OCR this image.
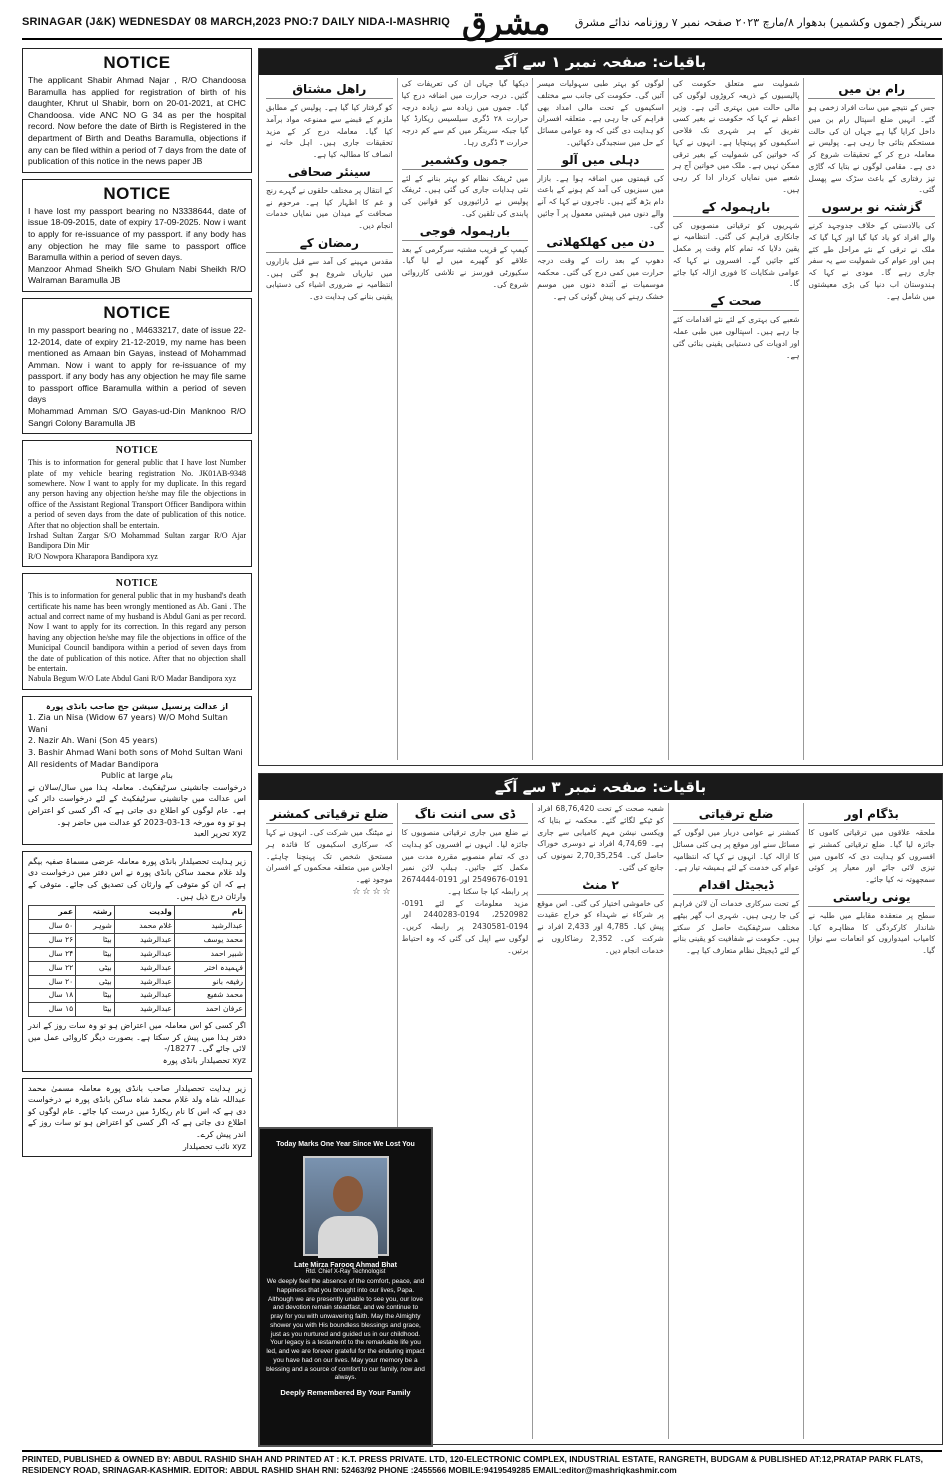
SRINAGAR (J&K) WEDNESDAY 08 MARCH,2023 PNO:7 DAILY NIDA-I-MASHRIQ مشرق سرینگر (جموں وکشمیر) بدھوار ۸/مارچ ۲۰۲۳ صفحہ نمبر ۷ روزنامہ ندائے مشرق
NOTICE

The applicant Shabir Ahmad Najar , R/O Chandoosa Baramulla has applied for registration of birth of his daughter, Khrut ul Shabir, born on 20-01-2021, at CHC Chandoosa. vide ANC NO G 34 as per the hospital record. Now before the date of Birth is Registered in the department of Birth and Deaths Baramulla, objections if any can be filed within a period of 7 days from the date of publication of this notice in the news paper JB

NOTICE

I have lost my passport bearing no N3338644, date of issue 18-09-2015, date of expiry 17-09-2025. Now i want to apply for re-issuance of my passport. if any body has any objection he may file same to passport office Baramulla within a period of seven days.

Manzoor Ahmad Sheikh S/O Ghulam Nabi Sheikh R/O Walraman Baramulla JB

NOTICE

In my passport bearing no , M4633217, date of issue 22-12-2014, date of expiry 21-12-2019, my name has been mentioned as Amaan bin Gayas, instead of Mohammad Amman. Now i want to apply for re-issuance of my passport. if any body has any objection he may file same to passport office Baramulla within a period of seven days

Mohammad Amman S/O Gayas-ud-Din Manknoo R/O Sangri Colony Baramulla JB

NOTICE

This is to information for general public that I have lost Number plate of my vehicle bearing registration No. JK01AB-9348 somewhere. Now I want to apply for my duplicate. In this regard any person having any objection he/she may file the objections in office of the Assistant Regional Transport Officer Bandipora within a period of seven days from the date of publication of this notice. After that no objection shall be entertain.

Irshad Sultan Zargar S/O Mohammad Sultan zargar R/O Ajar Bandipora Din Mir
R/O Nowpora Kharapora Bandipora xyz

NOTICE

This is to information for general public that in my husband's death certificate his name has been wrongly mentioned as Ab. Gani . The actual and correct name of my husband is Abdul Gani as per record. Now I want to apply for its correction. In this regard any person having any objection he/she may file the objections in office of the Municipal Council bandipora within a period of seven days from the date of publication of this notice. After that no objection shall be entertain.

Nabula Begum W/O Late Abdul Gani R/O Madar Bandipora xyz

از عدالت پرنسپل سیشن جج صاحب بانڈی پورہ
1. Zia un Nisa (Widow 67 years) W/O Mohd Sultan Wani
2. Nazir Ah. Wani (Son 45 years)
3. Bashir Ahmad Wani both sons of Mohd Sultan Wani All residents of Madar Bandipora
بنام Public at large
درخواست جانشینی سرٹیفکیٹ۔ معاملہ ہذا میں سال/سالان نے اس عدالت میں جانشینی سرٹیفکیٹ کے لئے درخواست دائر کی ہے۔ عام لوگوں کو اطلاع دی جاتی ہے کہ اگر کسی کو اعتراض ہو تو وہ مورخہ 13-03-2023 کو عدالت میں حاضر ہو۔
xyz تحریر العبد
زیر ہدایت تحصیلدار بانڈی پورہ معاملہ عرضی مسماۃ صفیہ بیگم ولد غلام محمد ساکن بانڈی پورہ نے اس دفتر میں درخواست دی ہے کہ ان کو متوفی کے وارثان کی تصدیق کی جائے۔ متوفی کے وارثان درج ذیل ہیں۔
نام	ولدیت	رشتہ	عمر
عبدالرشید	غلام محمد	شوہر	۵۰ سال
محمد یوسف	عبدالرشید	بیٹا	۲۶ سال
شبیر احمد	عبدالرشید	بیٹا	۲۴ سال
فہمیدہ اختر	عبدالرشید	بیٹی	۲۲ سال
رفیقہ بانو	عبدالرشید	بیٹی	۲۰ سال
محمد شفیع	عبدالرشید	بیٹا	۱۸ سال
عرفان احمد	عبدالرشید	بیٹا	۱۵ سال
اگر کسی کو اس معاملہ میں اعتراض ہو تو وہ سات روز کے اندر دفتر ہذا میں پیش کر سکتا ہے۔ بصورت دیگر کاروائی عمل میں لائی جائے گی۔ 18277/-
xyz تحصیلدار بانڈی پورہ
زیر ہدایت تحصیلدار صاحب بانڈی پورہ معاملہ مسمیٰ محمد عبداللہ شاہ ولد غلام محمد شاہ ساکن بانڈی پورہ نے درخواست دی ہے کہ اس کا نام ریکارڈ میں درست کیا جائے۔ عام لوگوں کو اطلاع دی جاتی ہے کہ اگر کسی کو اعتراض ہو تو سات روز کے اندر پیش کرے۔
xyz نائب تحصیلدار
باقیات: صفحہ نمبر ۱ سے آگے
رام بن میں

جس کے نتیجے میں سات افراد زخمی ہو گئے۔ انہیں ضلع اسپتال رام بن میں داخل کرایا گیا ہے جہاں ان کی حالت مستحکم بتائی جا رہی ہے۔ پولیس نے معاملہ درج کر کے تحقیقات شروع کر دی ہے۔ مقامی لوگوں نے بتایا کہ گاڑی تیز رفتاری کے باعث سڑک سے پھسل گئی۔

گزشتہ نو برسوں

کی بالادستی کے خلاف جدوجہد کرنے والے افراد کو یاد کیا گیا اور کہا گیا کہ ملک نے ترقی کے نئے مراحل طے کئے ہیں اور عوام کی شمولیت سے یہ سفر جاری رہے گا۔ مودی نے کہا کہ ہندوستان اب دنیا کی بڑی معیشتوں میں شامل ہے۔

شمولیت سے متعلق حکومت کی پالیسیوں کے ذریعہ کروڑوں لوگوں کی مالی حالت میں بہتری آئی ہے۔ وزیر اعظم نے کہا کہ حکومت نے بغیر کسی تفریق کے ہر شہری تک فلاحی اسکیموں کو پہنچایا ہے۔ انہوں نے کہا کہ خواتین کی شمولیت کے بغیر ترقی ممکن نہیں ہے۔ ملک میں خواتین آج ہر شعبے میں نمایاں کردار ادا کر رہی ہیں۔

بارہمولہ کے

شہریوں کو ترقیاتی منصوبوں کی جانکاری فراہم کی گئی۔ انتظامیہ نے یقین دلایا کہ تمام کام وقت پر مکمل کئے جائیں گے۔ افسروں نے کہا کہ عوامی شکایات کا فوری ازالہ کیا جائے گا۔

صحت کے

شعبے کی بہتری کے لئے نئے اقدامات کئے جا رہے ہیں۔ اسپتالوں میں طبی عملہ اور ادویات کی دستیابی یقینی بنائی گئی ہے۔

لوگوں کو بہتر طبی سہولیات میسر آئیں گی۔ حکومت کی جانب سے مختلف اسکیموں کے تحت مالی امداد بھی فراہم کی جا رہی ہے۔ متعلقہ افسران کو ہدایت دی گئی کہ وہ عوامی مسائل کے حل میں سنجیدگی دکھائیں۔

دہلی میں آلو

کی قیمتوں میں اضافہ ہوا ہے۔ بازار میں سبزیوں کی آمد کم ہونے کے باعث دام بڑھ گئے ہیں۔ تاجروں نے کہا کہ آنے والے دنوں میں قیمتیں معمول پر آ جائیں گی۔

دن میں کھلکھلاتی

دھوپ کے بعد رات کے وقت درجہ حرارت میں کمی درج کی گئی۔ محکمہ موسمیات نے آئندہ دنوں میں موسم خشک رہنے کی پیش گوئی کی ہے۔

دیکھا گیا جہاں ان کی تعریفات کی گئیں۔ درجہ حرارت میں اضافہ درج کیا گیا۔ جموں میں زیادہ سے زیادہ درجہ حرارت ۲۸ ڈگری سیلسیس ریکارڈ کیا گیا جبکہ سرینگر میں کم سے کم درجہ حرارت ۳ ڈگری رہا۔

جموں وکشمیر

میں ٹریفک نظام کو بہتر بنانے کے لئے نئی ہدایات جاری کی گئی ہیں۔ ٹریفک پولیس نے ڈرائیوروں کو قوانین کی پابندی کی تلقین کی۔

بارہمولہ فوجی

کیمپ کے قریب مشتبہ سرگرمی کے بعد علاقے کو گھیرے میں لے لیا گیا۔ سکیورٹی فورسز نے تلاشی کارروائی شروع کی۔

راھل مشتاق

کو گرفتار کیا گیا ہے۔ پولیس کے مطابق ملزم کے قبضے سے ممنوعہ مواد برآمد کیا گیا۔ معاملہ درج کر کے مزید تحقیقات جاری ہیں۔ اہل خانہ نے انصاف کا مطالبہ کیا ہے۔

سینئر صحافی

کے انتقال پر مختلف حلقوں نے گہرے رنج و غم کا اظہار کیا ہے۔ مرحوم نے صحافت کے میدان میں نمایاں خدمات انجام دیں۔

رمضان کے

مقدس مہینے کی آمد سے قبل بازاروں میں تیاریاں شروع ہو گئی ہیں۔ انتظامیہ نے ضروری اشیاء کی دستیابی یقینی بنانے کی ہدایت دی۔

باقیات: صفحہ نمبر ۳ سے آگے
بڈگام اور

ملحقہ علاقوں میں ترقیاتی کاموں کا جائزہ لیا گیا۔ ضلع ترقیاتی کمشنر نے افسروں کو ہدایت دی کہ کاموں میں تیزی لائی جائے اور معیار پر کوئی سمجھوتہ نہ کیا جائے۔

یونی ریاستی

سطح پر منعقدہ مقابلے میں طلبہ نے شاندار کارکردگی کا مظاہرہ کیا۔ کامیاب امیدواروں کو انعامات سے نوازا گیا۔

ضلع ترقیاتی

کمشنر نے عوامی دربار میں لوگوں کے مسائل سنے اور موقع پر ہی کئی مسائل کا ازالہ کیا۔ انہوں نے کہا کہ انتظامیہ عوام کی خدمت کے لئے ہمیشہ تیار ہے۔

ڈیجیٹل اقدام

کے تحت سرکاری خدمات آن لائن فراہم کی جا رہی ہیں۔ شہری اب گھر بیٹھے مختلف سرٹیفکیٹ حاصل کر سکتے ہیں۔ حکومت نے شفافیت کو یقینی بنانے کے لئے ڈیجیٹل نظام متعارف کیا ہے۔

شعبہ صحت کے تحت 68,76,420 افراد کو ٹیکے لگائے گئے۔ محکمہ نے بتایا کہ ویکسی نیشن مہم کامیابی سے جاری ہے۔ 4,74,69 افراد نے دوسری خوراک حاصل کی۔ 2,70,35,254 نمونوں کی جانچ کی گئی۔

۲ منٹ

کی خاموشی اختیار کی گئی۔ اس موقع پر شرکاء نے شہداء کو خراج عقیدت پیش کیا۔ 4,785 اور 2,433 افراد نے شرکت کی۔ 2,352 رضاکاروں نے خدمات انجام دیں۔

ڈی سی اننت ناگ

نے ضلع میں جاری ترقیاتی منصوبوں کا جائزہ لیا۔ انہوں نے افسروں کو ہدایت دی کہ تمام منصوبے مقررہ مدت میں مکمل کئے جائیں۔ ہیلپ لائن نمبر 0191-2549676 اور 0191-2674444 پر رابطہ کیا جا سکتا ہے۔

مزید معلومات کے لئے 0191-2520982، 0194-2440283 اور 0194-2430581 پر رابطہ کریں۔ لوگوں سے اپیل کی گئی کہ وہ احتیاط برتیں۔

ضلع ترقیاتی کمشنر

نے میٹنگ میں شرکت کی۔ انہوں نے کہا کہ سرکاری اسکیموں کا فائدہ ہر مستحق شخص تک پہنچنا چاہئے۔ اجلاس میں متعلقہ محکموں کے افسران موجود تھے۔

☆☆☆☆
Today Marks One Year Since We Lost You
Late Mirza Farooq Ahmad Bhat
Rtd. Chief X-Ray Technologist
We deeply feel the absence of the comfort, peace, and happiness that you brought into our lives, Papa. Although we are presently unable to see you, our love and devotion remain steadfast, and we continue to pray for you with unwavering faith. May the Almighty shower you with His boundless blessings and grace, just as you nurtured and guided us in our childhood. Your legacy is a testament to the remarkable life you led, and we are forever grateful for the enduring impact you have had on our lives. May your memory be a blessing and a source of comfort to our family, now and always.
Deeply Remembered By Your Family
PRINTED, PUBLISHED & OWNED BY: ABDUL RASHID SHAH AND PRINTED AT : K.T. PRESS PRIVATE. LTD, 120-ELECTRONIC COMPLEX, INDUSTRIAL ESTATE, RANGRETH, BUDGAM & PUBLISHED AT:12,PRATAP PARK FLATS, RESIDENCY ROAD, SRINAGAR-KASHMIR. EDITOR: ABDUL RASHID SHAH RNI: 52463/92 PHONE :2455566 MOBILE:9419549285 EMAIL:editor@mashriqkashmir.com
